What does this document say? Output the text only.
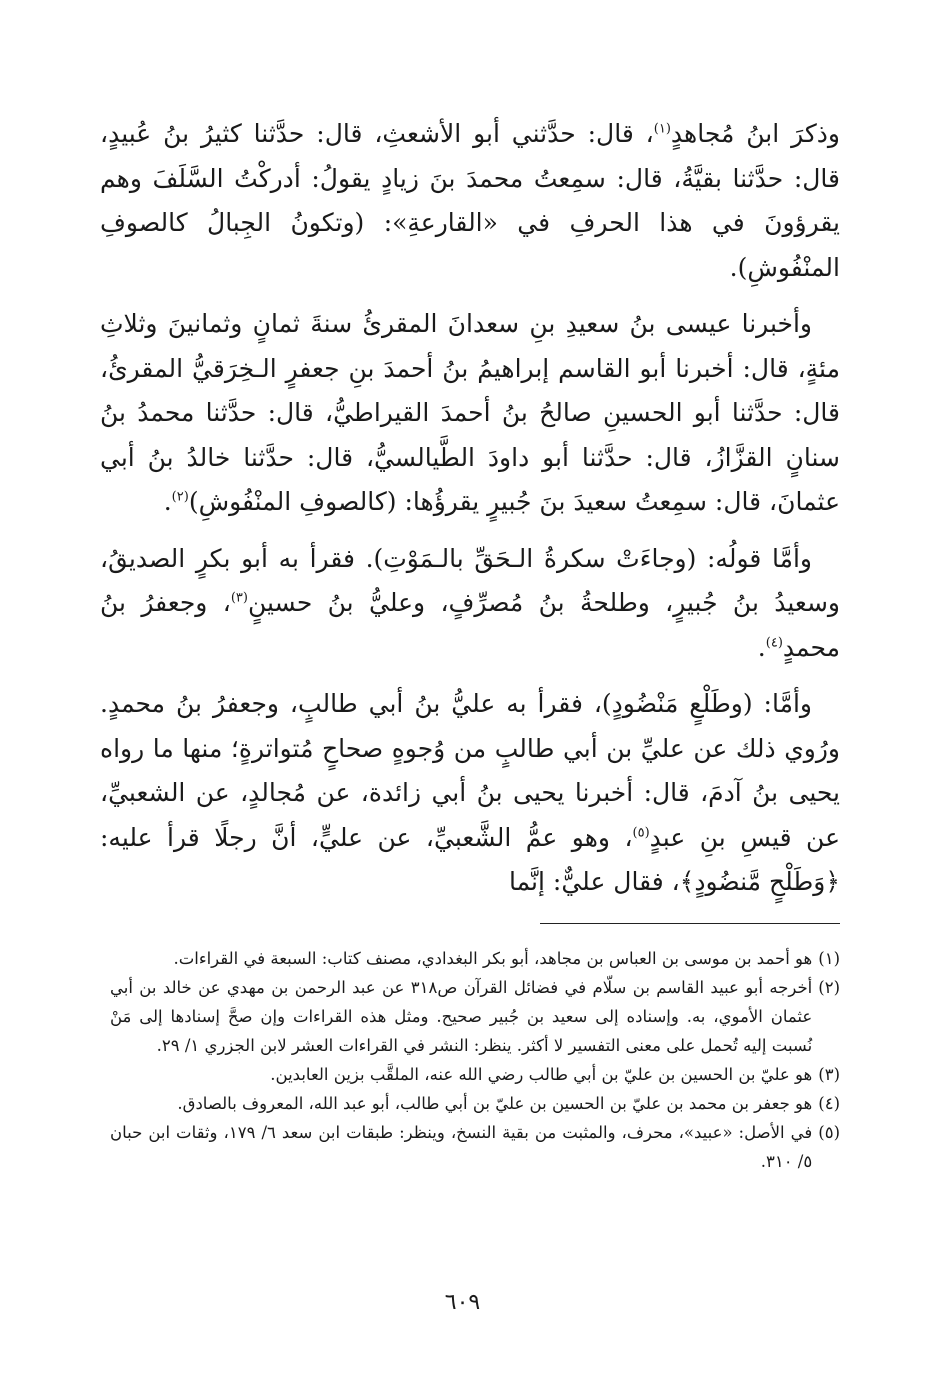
وذكرَ ابنُ مُجاهدٍ$^{(١)}$، قال: حدَّثني أبو الأشعثِ، قال: حدَّثنا كثيرُ بنُ عُبيدٍ، قال: حدَّثنا بقيَّةُ، قال: سمِعتُ محمدَ بنَ زيادٍ يقولُ: أدركْتُ السَّلَفَ وهم يقرؤونَ في هذا الحرفِ في «القارعةِ»: (وتكونُ الجِبالُ كالصوفِ المنْفُوشِ).

وأخبرنا عيسى بنُ سعيدِ بنِ سعدانَ المقرئُ سنةَ ثمانٍ وثمانينَ وثلاثِ مئةٍ، قال: أخبرنا أبو القاسم إبراهيمُ بنُ أحمدَ بنِ جعفرٍ الـخِرَقيُّ المقرئُ، قال: حدَّثنا أبو الحسينِ صالحُ بنُ أحمدَ القيراطيُّ، قال: حدَّثنا محمدُ بنُ سنانٍ القزَّازُ، قال: حدَّثنا أبو داودَ الطَّيالسيُّ، قال: حدَّثنا خالدُ بنُ أبي عثمانَ، قال: سمِعتُ سعيدَ بنَ جُبيرٍ يقرؤُها: (كالصوفِ المنْفُوشِ)$^{(٢)}$.

وأمَّا قولُه: (وجاءَتْ سكرةُ الـحَقِّ بالـمَوْتِ). فقرأ به أبو بكرٍ الصديقُ، وسعيدُ بنُ جُبيرٍ، وطلحةُ بنُ مُصرِّفٍ، وعليُّ بنُ حسينٍ$^{(٣)}$، وجعفرُ بنُ محمدٍ$^{(٤)}$.

وأمَّا: (وطَلْعٍ مَنْضُودٍ)، فقرأ به عليُّ بنُ أبي طالبٍ، وجعفرُ بنُ محمدٍ. ورُوي ذلك عن عليِّ بن أبي طالبٍ من وُجوهٍ صحاحٍ مُتواترةٍ؛ منها ما رواه يحيى بنُ آدمَ، قال: أخبرنا يحيى بنُ أبي زائدة، عن مُجالدٍ، عن الشعبيِّ، عن قيسِ بنِ عبدٍ$^{(٥)}$، وهو عمُّ الشَّعبيِّ، عن عليٍّ، أنَّ رجلًا قرأ عليه: ﴿وَطَلْحٍ مَّنضُودٍ﴾، فقال عليٌّ: إنَّما

(١)
هو أحمد بن موسى بن العباس بن مجاهد، أبو بكر البغدادي، مصنف كتاب: السبعة في القراءات.
(٢)
أخرجه أبو عبيد القاسم بن سلّام في فضائل القرآن ص٣١٨ عن عبد الرحمن بن مهدي عن خالد بن أبي عثمان الأموي، به. وإسناده إلى سعيد بن جُبير صحيح. ومثل هذه القراءات وإن صحَّ إسنادها إلى مَنْ نُسبت إليه تُحمل على معنى التفسير لا أكثر. ينظر: النشر في القراءات العشر لابن الجزري ١/ ٢٩.
(٣)
هو عليّ بن الحسين بن عليّ بن أبي طالب رضي الله عنه، الملقَّب بزين العابدين.
(٤)
هو جعفر بن محمد بن عليّ بن الحسين بن عليّ بن أبي طالب، أبو عبد الله، المعروف بالصادق.
(٥)
في الأصل: «عبيد»، محرف، والمثبت من بقية النسخ، وينظر: طبقات ابن سعد ٦/ ١٧٩، وثقات ابن حبان ٥/ ٣١٠.
٦٠٩
